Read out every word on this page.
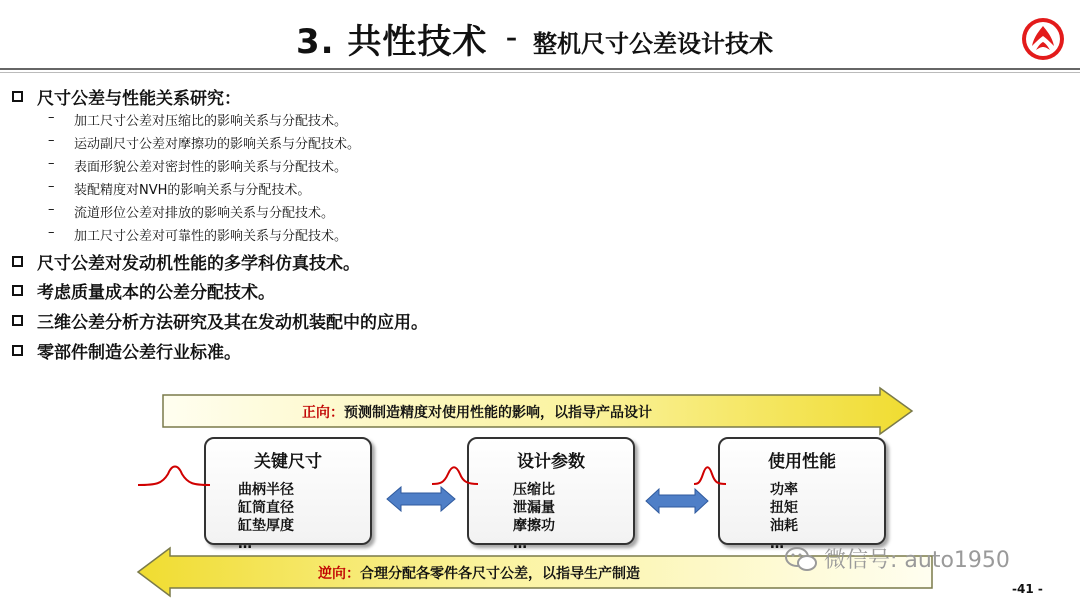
3. 共性技术 – 整机尺寸公差设计技术
尺寸公差与性能关系研究：
–	加工尺寸公差对压缩比的影响关系与分配技术。
–	运动副尺寸公差对摩擦功的影响关系与分配技术。
–	表面形貌公差对密封性的影响关系与分配技术。
–	装配精度对NVH的影响关系与分配技术。
–	流道形位公差对排放的影响关系与分配技术。
–	加工尺寸公差对可靠性的影响关系与分配技术。
尺寸公差对发动机性能的多学科仿真技术。
考虑质量成本的公差分配技术。
三维公差分析方法研究及其在发动机装配中的应用。
零部件制造公差行业标准。
正向：预测制造精度对使用性能的影响，以指导产品设计
关键尺寸
曲柄半径
缸筒直径
缸垫厚度
…
设计参数
压缩比
泄漏量
摩擦功
…
使用性能
功率
扭矩
油耗
…
逆向：合理分配各零件各尺寸公差，以指导生产制造
微信号: auto1950
-41 -
